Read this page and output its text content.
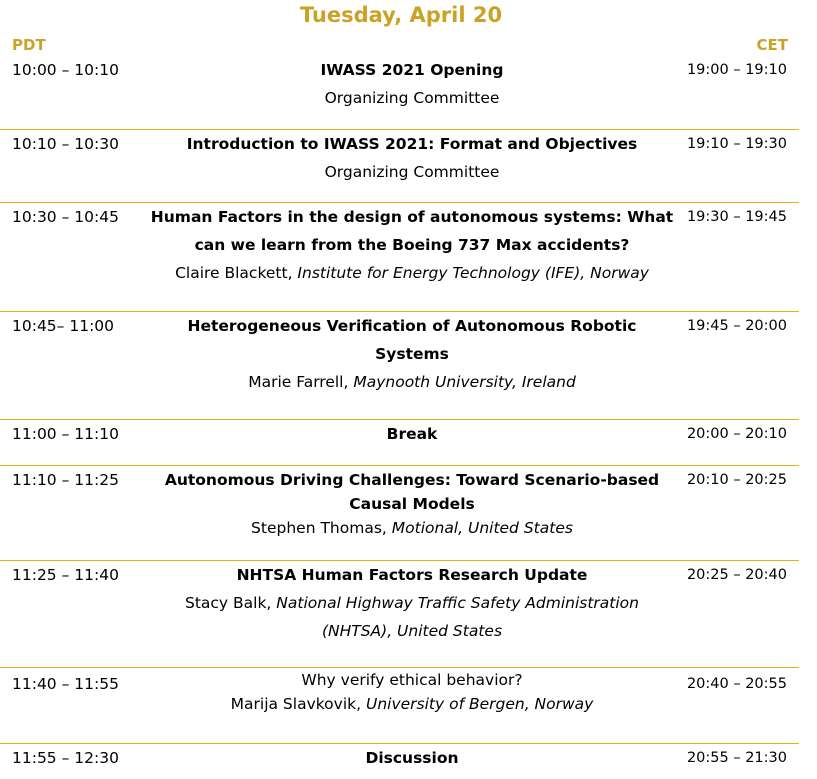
Tuesday, April 20
PDT	CET
10:00 – 10:10	IWASS 2021 Opening
Organizing Committee
19:00 – 19:10
10:10 – 10:30	Introduction to IWASS 2021: Format and Objectives
Organizing Committee
19:10 – 19:30
10:30 – 10:45	Human Factors in the design of autonomous systems: What can we learn from the Boeing 737 Max accidents?
Claire Blackett, Institute for Energy Technology (IFE), Norway
19:30 – 19:45
10:45– 11:00	Heterogeneous Verification of Autonomous Robotic Systems
Marie Farrell, Maynooth University, Ireland
19:45 – 20:00
11:00 – 11:10	Break	20:00 – 20:10
11:10 – 11:25	Autonomous Driving Challenges: Toward Scenario-based Causal Models
Stephen Thomas, Motional, United States
20:10 – 20:25
11:25 – 11:40	NHTSA Human Factors Research Update
Stacy Balk, National Highway Traffic Safety Administration (NHTSA), United States
20:25 – 20:40
11:40 – 11:55	Why verify ethical behavior?
Marija Slavkovik, University of Bergen, Norway
20:40 – 20:55
11:55 – 12:30	Discussion	20:55 – 21:30
